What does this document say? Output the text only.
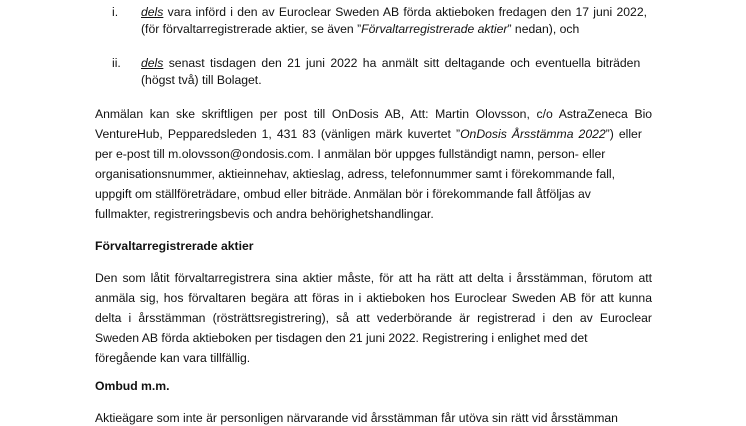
i. dels vara införd i den av Euroclear Sweden AB förda aktieboken fredagen den 17 juni 2022,
(för förvaltarregistrerade aktier, se även ”Förvaltarregistrerade aktier” nedan), och
ii. dels senast tisdagen den 21 juni 2022 ha anmält sitt deltagande och eventuella biträden
(högst två) till Bolaget.
Anmälan kan ske skriftligen per post till OnDosis AB, Att: Martin Olovsson, c/o AstraZeneca Bio
VentureHub, Pepparedsleden 1, 431 83 (vänligen märk kuvertet ”OnDosis Årsstämma 2022”) eller
per e-post till m.olovsson@ondosis.com. I anmälan bör uppges fullständigt namn, person- eller
organisationsnummer, aktieinnehav, aktieslag, adress, telefonnummer samt i förekommande fall,
uppgift om ställföreträdare, ombud eller biträde. Anmälan bör i förekommande fall åtföljas av
fullmakter, registreringsbevis och andra behörighetshandlingar.
Förvaltarregistrerade aktier
Den som låtit förvaltarregistrera sina aktier måste, för att ha rätt att delta i årsstämman, förutom att
anmäla sig, hos förvaltaren begära att föras in i aktieboken hos Euroclear Sweden AB för att kunna
delta i årsstämman (rösträttsregistrering), så att vederbörande är registrerad i den av Euroclear
Sweden AB förda aktieboken per tisdagen den 21 juni 2022. Registrering i enlighet med det
föregående kan vara tillfällig.
Ombud m.m.
Aktieägare som inte är personligen närvarande vid årsstämman får utöva sin rätt vid årsstämman
